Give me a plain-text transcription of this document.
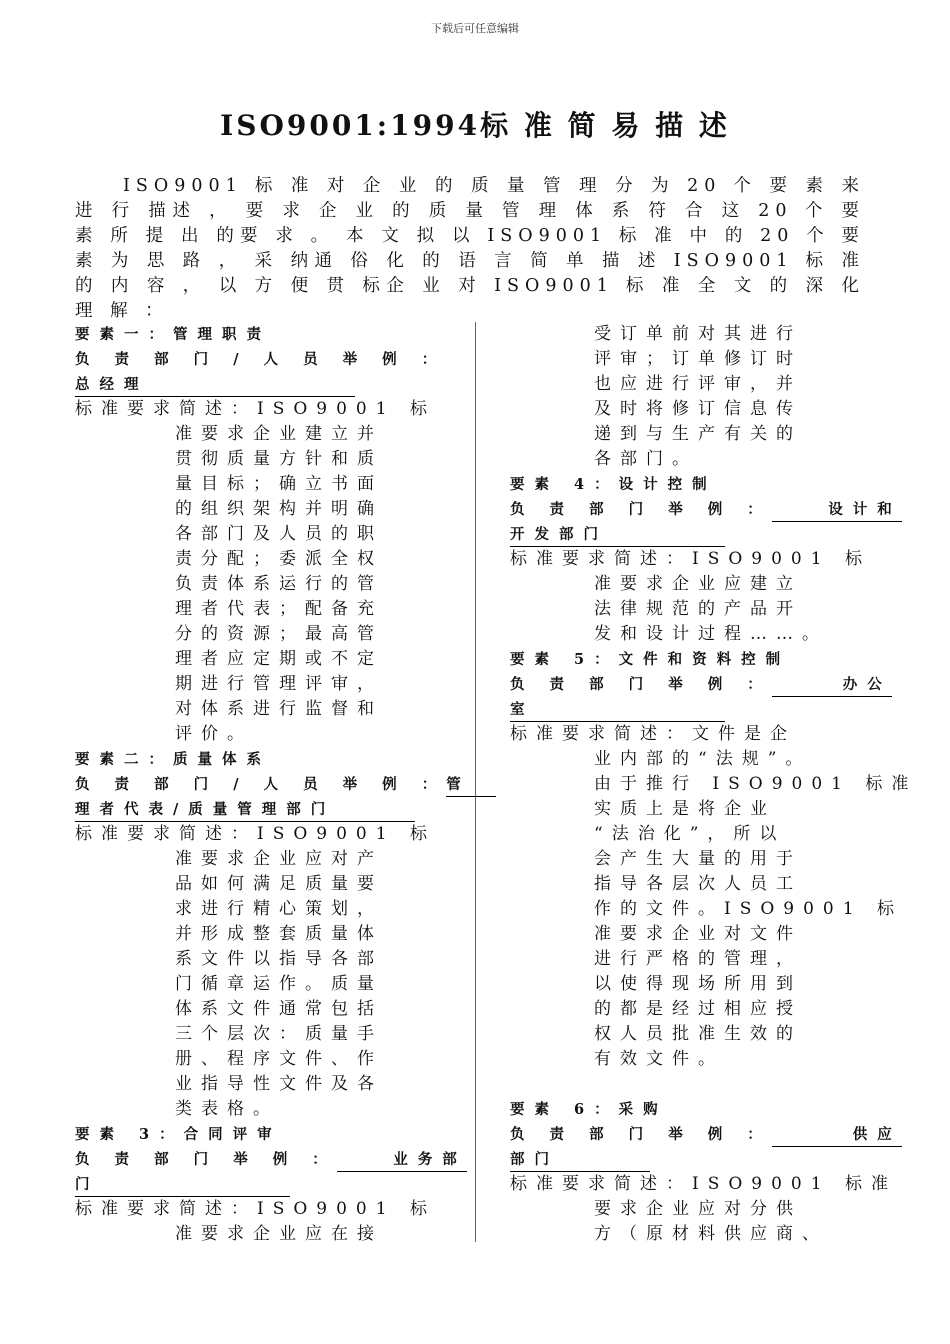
下载后可任意编辑
ISO9001:1994标 准 简 易 描 述

ISO9001 标 准 对 企 业 的 质 量 管 理 分 为 20 个 要 素 来 进 行 描述 ， 要 求 企 业 的 质 量 管 理 体 系 符 合 这 20 个 要 素 所 提 出 的要 求 。 本 文 拟 以 ISO9001 标 准 中 的 20 个 要 素 为 思 路 ， 采 纳通 俗 化 的 语 言 简 单 描 述 ISO9001 标 准 的 内 容 ， 以 方 便 贯 标企 业 对 ISO9001 标 准 全 文 的 深 化 理 解 ：

要素一：管理职责
负 责 部 门 / 人 员 举 例 ：
总经理
标准要求简述：ISO9001 标
准要求企业建立并
贯彻质量方针和质
量目标；确立书面
的组织架构并明确
各部门及人员的职
责分配；委派全权
负责体系运行的管
理者代表；配备充
分的资源；最高管
理者应定期或不定
期进行管理评审，
对体系进行监督和
评价。
要素二：质量体系
负 责 部 门 / 人 员 举 例 ：管
理者代表/质量管理部门
标准要求简述：ISO9001 标
准要求企业应对产
品如何满足质量要
求进行精心策划，
并形成整套质量体
系文件以指导各部
门循章运作。质量
体系文件通常包括
三个层次：质量手
册、程序文件、作
业指导性文件及各
类表格。
要素 3：合同评审
负 责 部 门 举 例 ：	业务部
门
标准要求简述：ISO9001 标
准要求企业应在接
受订单前对其进行
评审；订单修订时
也应进行评审，并
及时将修订信息传
递到与生产有关的
各部门。
要素 4：设计控制
负 责 部 门 举 例 ：	设计和
开发部门
标准要求简述：ISO9001 标
准要求企业应建立
法律规范的产品开
发和设计过程……。
要素 5：文件和资料控制
负 责 部 门 举 例 ：	办公
室
标准要求简述：文件是企
业内部的“法规”。
由于推行 ISO9001 标准
实质上是将企业
“法治化”，所以
会产生大量的用于
指导各层次人员工
作的文件。ISO9001 标
准要求企业对文件
进行严格的管理，
以使得现场所用到
的都是经过相应授
权人员批准生效的
有效文件。
要素 6：采购
负 责 部 门 举 例 ：	供应
部门
标准要求简述：ISO9001 标准
要求企业应对分供
方（原材料供应商、
